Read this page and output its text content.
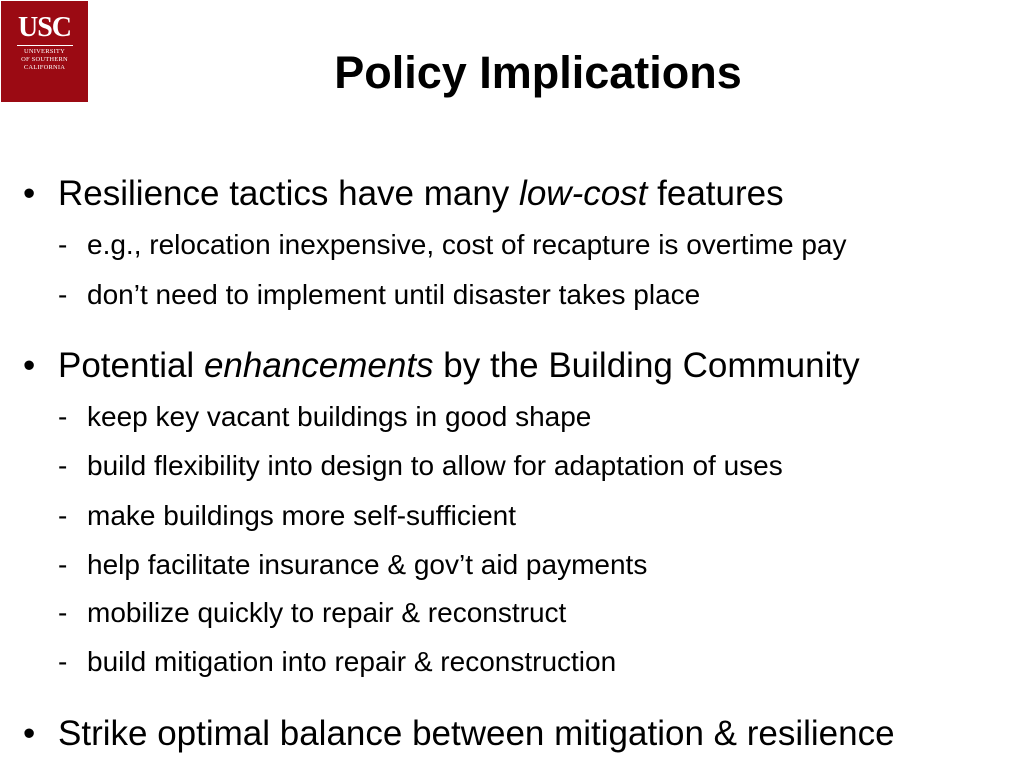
USC
UNIVERSITY
OF SOUTHERN
CALIFORNIA	Policy Implications
• Resilience tactics have many low-cost features
- e.g., relocation inexpensive, cost of recapture is overtime pay
- don’t need to implement until disaster takes place
• Potential enhancements by the Building Community
- keep key vacant buildings in good shape
- build flexibility into design to allow for adaptation of uses
- make buildings more self-sufficient
- help facilitate insurance & gov’t aid payments
- mobilize quickly to repair & reconstruct
- build mitigation into repair & reconstruction
• Strike optimal balance between mitigation & resilience
